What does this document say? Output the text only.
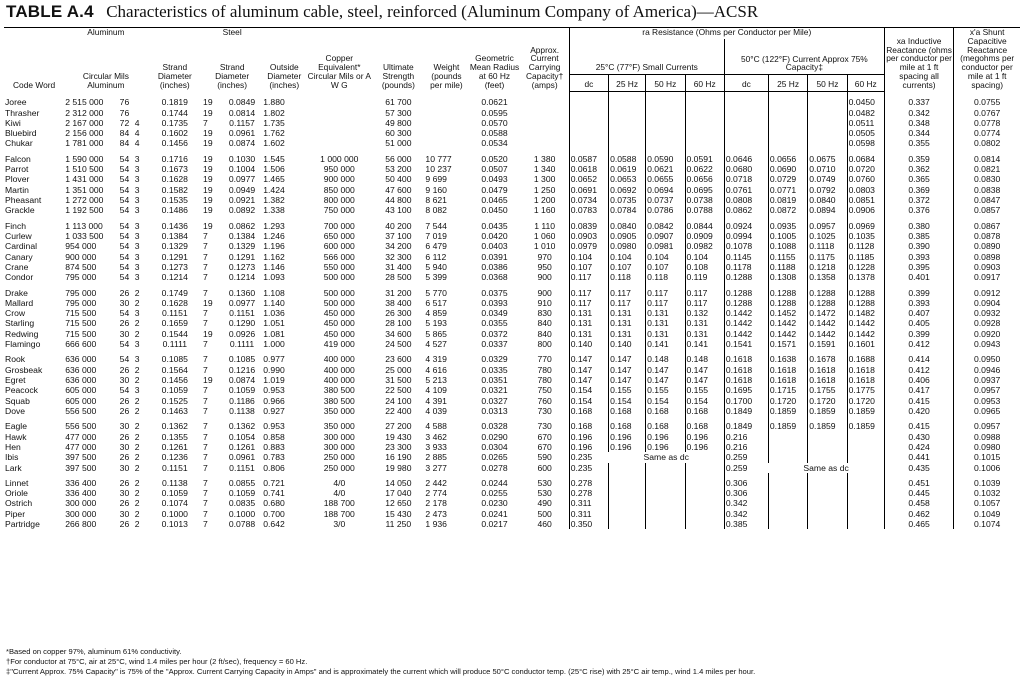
TABLE A.4 Characteristics of aluminum cable, steel, reinforced (Aluminum Company of America)—ACSR
	Aluminum				Steel								ra Resistance (Ohms per Conductor per Mile)								xa Inductive Reactance (ohms per conductor per mile at 1 ft spacing all currents)	x'a Shunt Capacitive Reactance (megohms per conductor per mile at 1 ft spacing)
Code Word	Circular Mils Aluminum			Strand Diameter (inches)	Strand Diameter (inches)		Outside Diameter (inches)	Copper Equivalent* Circular Mils or A W G	Ultimate Strength (pounds)	Weight (pounds per mile)	Geometric Mean Radius at 60 Hz (feet)	Approx. Current Carrying Capacity† (amps)	25°C (77°F) Small Currents				50°C (122°F) Current Approx 75% Capacity‡					
													dc	25 Hz	50 Hz	60 Hz	dc	25 Hz	50 Hz	60 Hz		
Joree	2 515 000	76		0.1819	19	0.0849	1.880		61 700		0.0621									0.0450	0.337	0.0755
Thrasher	2 312 000	76		0.1744	19	0.0814	1.802		57 300		0.0595									0.0482	0.342	0.0767
Kiwi	2 167 000	72	4	0.1735	7	0.1157	1.735		49 800		0.0570									0.0511	0.348	0.0778
Bluebird	2 156 000	84	4	0.1602	19	0.0961	1.762		60 300		0.0588									0.0505	0.344	0.0774
Chukar	1 781 000	84	4	0.1456	19	0.0874	1.602		51 000		0.0534									0.0598	0.355	0.0802
Falcon	1 590 000	54	3	0.1716	19	0.1030	1.545	1 000 000	56 000	10 777	0.0520	1 380	0.0587	0.0588	0.0590	0.0591	0.0646	0.0656	0.0675	0.0684	0.359	0.0814
Parrot	1 510 500	54	3	0.1673	19	0.1004	1.506	950 000	53 200	10 237	0.0507	1 340	0.0618	0.0619	0.0621	0.0622	0.0680	0.0690	0.0710	0.0720	0.362	0.0821
Plover	1 431 000	54	3	0.1628	19	0.0977	1.465	900 000	50 400	9 699	0.0493	1 300	0.0652	0.0653	0.0655	0.0656	0.0718	0.0729	0.0749	0.0760	0.365	0.0830
Martin	1 351 000	54	3	0.1582	19	0.0949	1.424	850 000	47 600	9 160	0.0479	1 250	0.0691	0.0692	0.0694	0.0695	0.0761	0.0771	0.0792	0.0803	0.369	0.0838
Pheasant	1 272 000	54	3	0.1535	19	0.0921	1.382	800 000	44 800	8 621	0.0465	1 200	0.0734	0.0735	0.0737	0.0738	0.0808	0.0819	0.0840	0.0851	0.372	0.0847
Grackle	1 192 500	54	3	0.1486	19	0.0892	1.338	750 000	43 100	8 082	0.0450	1 160	0.0783	0.0784	0.0786	0.0788	0.0862	0.0872	0.0894	0.0906	0.376	0.0857
Finch	1 113 000	54	3	0.1436	19	0.0862	1.293	700 000	40 200	7 544	0.0435	1 110	0.0839	0.0840	0.0842	0.0844	0.0924	0.0935	0.0957	0.0969	0.380	0.0867
Curlew	1 033 500	54	3	0.1384	7	0.1384	1.246	650 000	37 100	7 019	0.0420	1 060	0.0903	0.0905	0.0907	0.0909	0.0994	0.1005	0.1025	0.1035	0.385	0.0878
Cardinal	954 000	54	3	0.1329	7	0.1329	1.196	600 000	34 200	6 479	0.0403	1 010	0.0979	0.0980	0.0981	0.0982	0.1078	0.1088	0.1118	0.1128	0.390	0.0890
Canary	900 000	54	3	0.1291	7	0.1291	1.162	566 000	32 300	6 112	0.0391	970	0.104	0.104	0.104	0.104	0.1145	0.1155	0.1175	0.1185	0.393	0.0898
Crane	874 500	54	3	0.1273	7	0.1273	1.146	550 000	31 400	5 940	0.0386	950	0.107	0.107	0.107	0.108	0.1178	0.1188	0.1218	0.1228	0.395	0.0903
Condor	795 000	54	3	0.1214	7	0.1214	1.093	500 000	28 500	5 399	0.0368	900	0.117	0.118	0.118	0.119	0.1288	0.1308	0.1358	0.1378	0.401	0.0917
Drake	795 000	26	2	0.1749	7	0.1360	1.108	500 000	31 200	5 770	0.0375	900	0.117	0.117	0.117	0.117	0.1288	0.1288	0.1288	0.1288	0.399	0.0912
Mallard	795 000	30	2	0.1628	19	0.0977	1.140	500 000	38 400	6 517	0.0393	910	0.117	0.117	0.117	0.117	0.1288	0.1288	0.1288	0.1288	0.393	0.0904
Crow	715 500	54	3	0.1151	7	0.1151	1.036	450 000	26 300	4 859	0.0349	830	0.131	0.131	0.131	0.132	0.1442	0.1452	0.1472	0.1482	0.407	0.0932
Starling	715 500	26	2	0.1659	7	0.1290	1.051	450 000	28 100	5 193	0.0355	840	0.131	0.131	0.131	0.131	0.1442	0.1442	0.1442	0.1442	0.405	0.0928
Redwing	715 500	30	2	0.1544	19	0.0926	1.081	450 000	34 600	5 865	0.0372	840	0.131	0.131	0.131	0.131	0.1442	0.1442	0.1442	0.1442	0.399	0.0920
Flamingo	666 600	54	3	0.1111	7	0.1111	1.000	419 000	24 500	4 527	0.0337	800	0.140	0.140	0.141	0.141	0.1541	0.1571	0.1591	0.1601	0.412	0.0943
Rook	636 000	54	3	0.1085	7	0.1085	0.977	400 000	23 600	4 319	0.0329	770	0.147	0.147	0.148	0.148	0.1618	0.1638	0.1678	0.1688	0.414	0.0950
Grosbeak	636 000	26	2	0.1564	7	0.1216	0.990	400 000	25 000	4 616	0.0335	780	0.147	0.147	0.147	0.147	0.1618	0.1618	0.1618	0.1618	0.412	0.0946
Egret	636 000	30	2	0.1456	19	0.0874	1.019	400 000	31 500	5 213	0.0351	780	0.147	0.147	0.147	0.147	0.1618	0.1618	0.1618	0.1618	0.406	0.0937
Peacock	605 000	54	3	0.1059	7	0.1059	0.953	380 500	22 500	4 109	0.0321	750	0.154	0.155	0.155	0.155	0.1695	0.1715	0.1755	0.1775	0.417	0.0957
Squab	605 000	26	2	0.1525	7	0.1186	0.966	380 500	24 100	4 391	0.0327	760	0.154	0.154	0.154	0.154	0.1700	0.1720	0.1720	0.1720	0.415	0.0953
Dove	556 500	26	2	0.1463	7	0.1138	0.927	350 000	22 400	4 039	0.0313	730	0.168	0.168	0.168	0.168	0.1849	0.1859	0.1859	0.1859	0.420	0.0965
Eagle	556 500	30	2	0.1362	7	0.1362	0.953	350 000	27 200	4 588	0.0328	730	0.168	0.168	0.168	0.168	0.1849	0.1859	0.1859	0.1859	0.415	0.0957
Hawk	477 000	26	2	0.1355	7	0.1054	0.858	300 000	19 430	3 462	0.0290	670	0.196	0.196	0.196	0.196	0.216				0.430	0.0988
Hen	477 000	30	2	0.1261	7	0.1261	0.883	300 000	23 300	3 933	0.0304	670	0.196	0.196	0.196	0.196	0.216				0.424	0.0980
Ibis	397 500	26	2	0.1236	7	0.0961	0.783	250 000	16 190	2 885	0.0265	590	0.235	Same as dc			0.259				0.441	0.1015
Lark	397 500	30	2	0.1151	7	0.1151	0.806	250 000	19 980	3 277	0.0278	600	0.235				0.259	Same as dc			0.435	0.1006
Linnet	336 400	26	2	0.1138	7	0.0855	0.721	4/0	14 050	2 442	0.0244	530	0.278				0.306				0.451	0.1039
Oriole	336 400	30	2	0.1059	7	0.1059	0.741	4/0	17 040	2 774	0.0255	530	0.278				0.306				0.445	0.1032
Ostrich	300 000	26	2	0.1074	7	0.0835	0.680	188 700	12 650	2 178	0.0230	490	0.311				0.342				0.458	0.1057
Piper	300 000	30	2	0.1000	7	0.1000	0.700	188 700	15 430	2 473	0.0241	500	0.311				0.342				0.462	0.1049
Partridge	266 800	26	2	0.1013	7	0.0788	0.642	3/0	11 250	1 936	0.0217	460	0.350				0.385				0.465	0.1074
*Based on copper 97%, aluminum 61% conductivity.
†For conductor at 75°C, air at 25°C, wind 1.4 miles per hour (2 ft/sec), frequency = 60 Hz.
‡"Current Approx. 75% Capacity" is 75% of the "Approx. Current Carrying Capacity in Amps" and is approximately the current which will produce 50°C conductor temp. (25°C rise) with 25°C air temp., wind 1.4 miles per hour.
